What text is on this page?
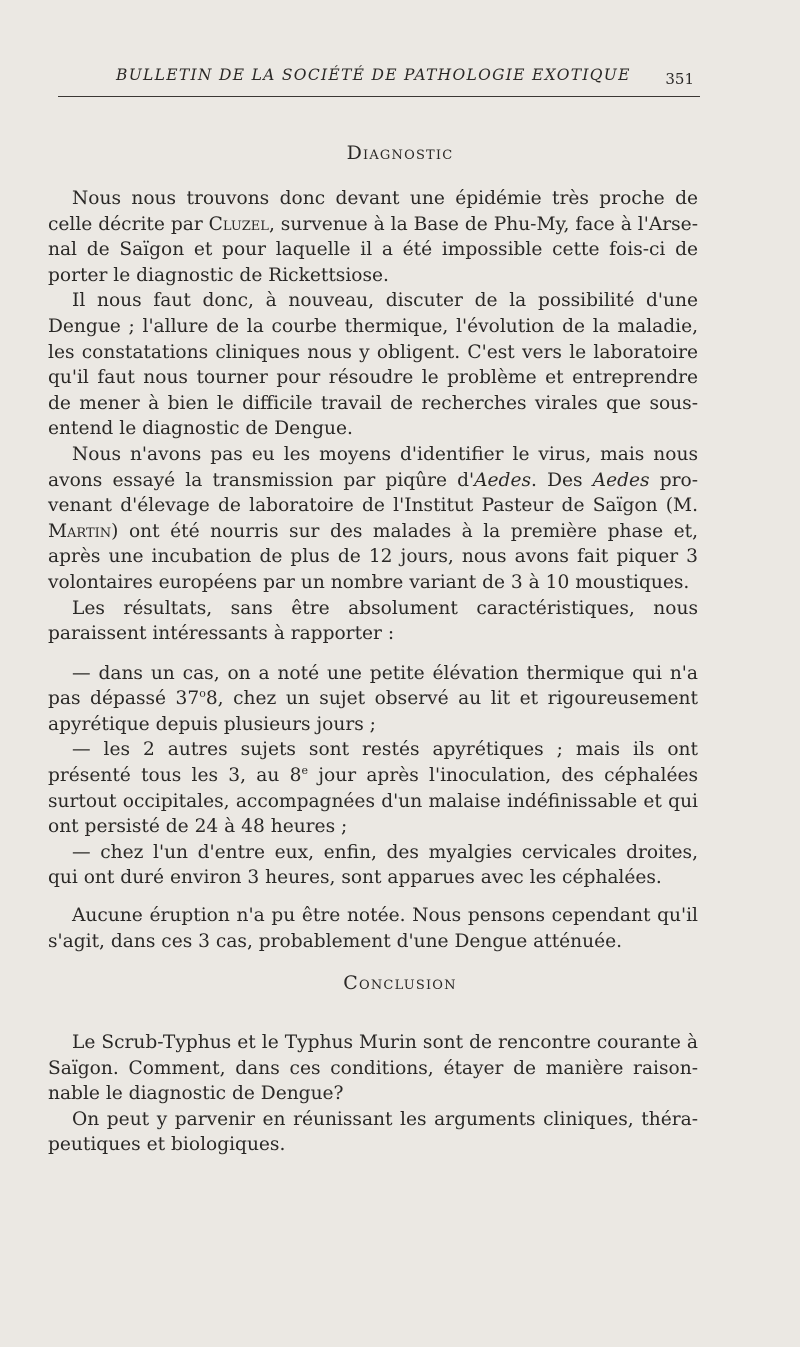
BULLETIN DE LA SOCIÉTÉ DE PATHOLOGIE EXOTIQUE 351
Diagnostic

Nous nous trouvons donc devant une épidémie très proche de celle décrite par Cluzel, survenue à la Base de Phu-My, face à l'Arsenal de Saïgon et pour laquelle il a été impossible cette fois-ci de porter le diagnostic de Rickettsiose.

Il nous faut donc, à nouveau, discuter de la possibilité d'une Dengue ; l'allure de la courbe thermique, l'évolution de la maladie, les constatations cliniques nous y obligent. C'est vers le laboratoire qu'il faut nous tourner pour résoudre le problème et entreprendre de mener à bien le difficile travail de recherches virales que sousentend le diagnostic de Dengue.

Nous n'avons pas eu les moyens d'identifier le virus, mais nous avons essayé la transmission par piqûre d'Aedes. Des Aedes provenant d'élevage de laboratoire de l'Institut Pasteur de Saïgon (M. Martin) ont été nourris sur des malades à la première phase et, après une incubation de plus de 12 jours, nous avons fait piquer 3 volontaires européens par un nombre variant de 3 à 10 moustiques.

Les résultats, sans être absolument caractéristiques, nous paraissent intéressants à rapporter :

— dans un cas, on a noté une petite élévation thermique qui n'a pas dépassé 37$^o$8, chez un sujet observé au lit et rigoureusement apyrétique depuis plusieurs jours ;

— les 2 autres sujets sont restés apyrétiques ; mais ils ont présenté tous les 3, au 8e jour après l'inoculation, des céphalées surtout occipitales, accompagnées d'un malaise indéfinissable et qui ont persisté de 24 à 48 heures ;

— chez l'un d'entre eux, enfin, des myalgies cervicales droites, qui ont duré environ 3 heures, sont apparues avec les céphalées.

Aucune éruption n'a pu être notée. Nous pensons cependant qu'il s'agit, dans ces 3 cas, probablement d'une Dengue atténuée.

Conclusion

Le Scrub-Typhus et le Typhus Murin sont de rencontre courante à Saïgon. Comment, dans ces conditions, étayer de manière raisonnable le diagnostic de Dengue?

On peut y parvenir en réunissant les arguments cliniques, thérapeutiques et biologiques.
